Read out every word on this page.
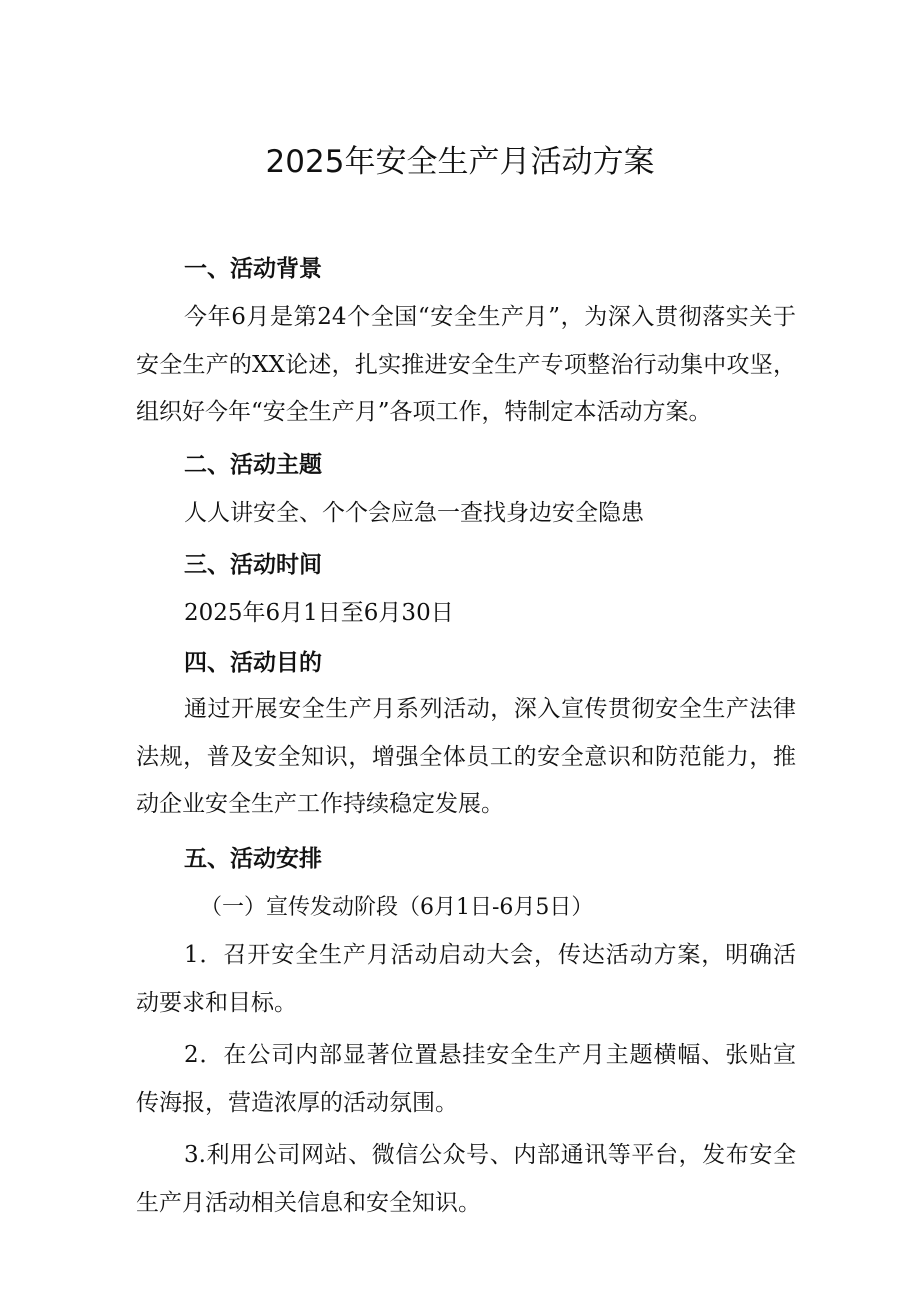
2025年安全生产月活动方案
一、活动背景
今年6月是第24个全国“安全生产月”，为深入贯彻落实关于安全生产的XX论述，扎实推进安全生产专项整治行动集中攻坚，组织好今年“安全生产月”各项工作，特制定本活动方案。
二、活动主题
人人讲安全、个个会应急一查找身边安全隐患
三、活动时间
2025年6月1日至6月30日
四、活动目的
通过开展安全生产月系列活动，深入宣传贯彻安全生产法律法规，普及安全知识，增强全体员工的安全意识和防范能力，推动企业安全生产工作持续稳定发展。
五、活动安排
（一）宣传发动阶段（6月1日-6月5日）
1．召开安全生产月活动启动大会，传达活动方案，明确活动要求和目标。
2．在公司内部显著位置悬挂安全生产月主题横幅、张贴宣传海报，营造浓厚的活动氛围。
3.利用公司网站、微信公众号、内部通讯等平台，发布安全生产月活动相关信息和安全知识。
